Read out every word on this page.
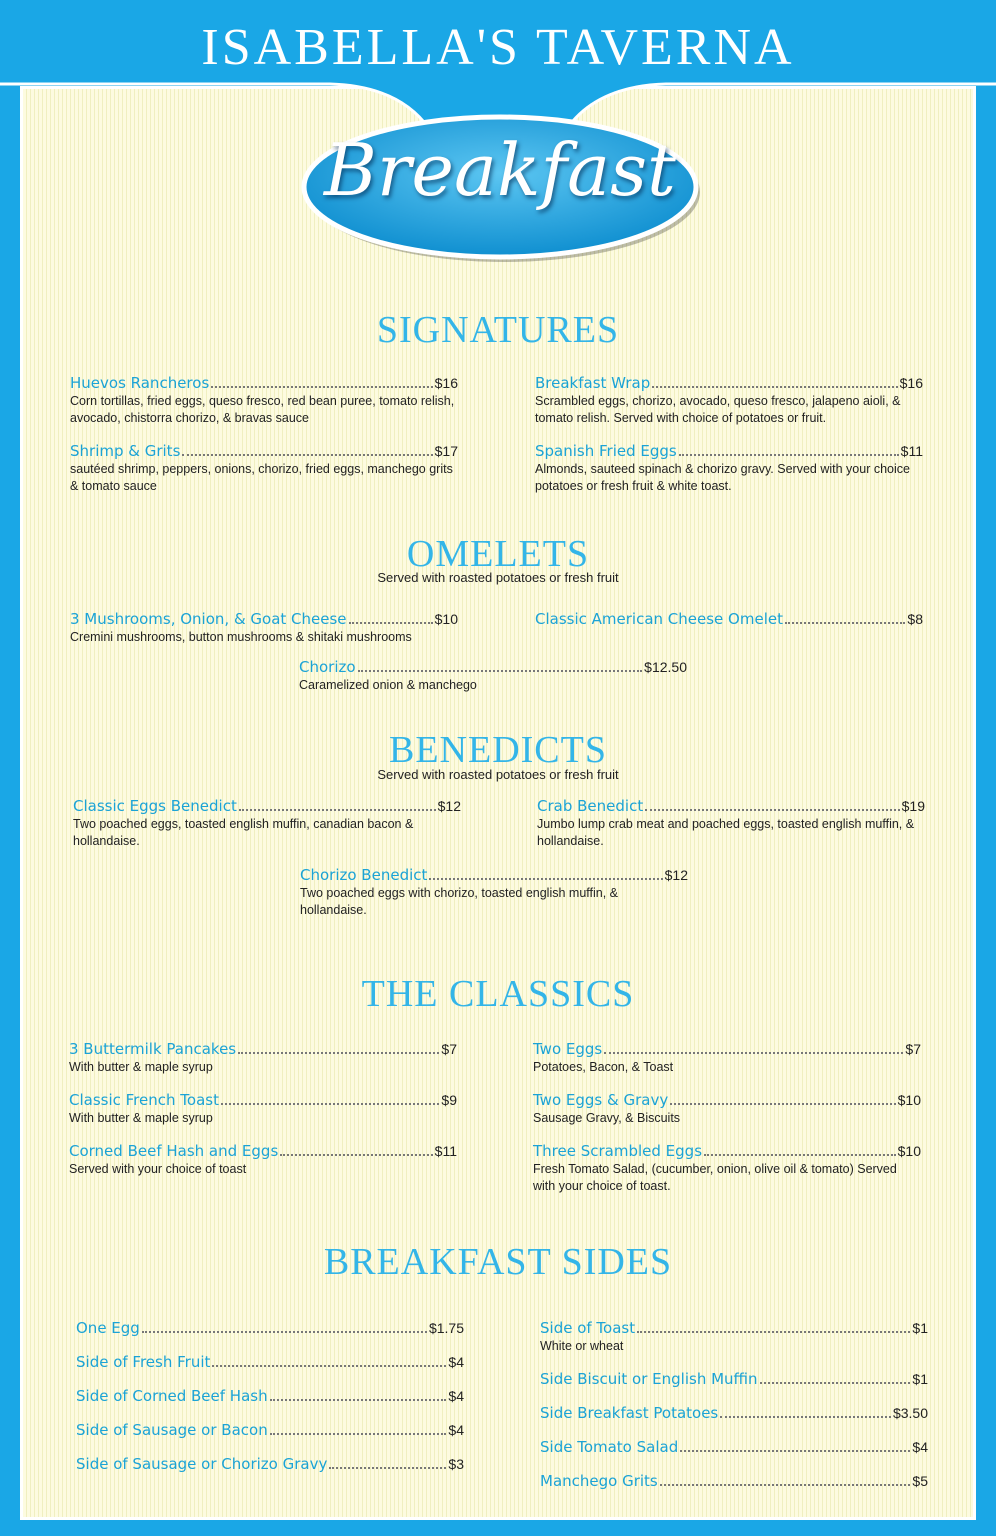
ISABELLA'S TAVERNA
Breakfast
SIGNATURES
Huevos Rancheros	$16
Corn tortillas, fried eggs, queso fresco, red bean puree, tomato relish, avocado, chistorra chorizo, & bravas sauce
Breakfast Wrap	$16
Scrambled eggs, chorizo, avocado, queso fresco, jalapeno aioli, & tomato relish. Served with choice of potatoes or fruit.
Shrimp & Grits	$17
sautéed shrimp, peppers, onions, chorizo, fried eggs, manchego grits & tomato sauce
Spanish Fried Eggs	$11
Almonds, sauteed spinach & chorizo gravy. Served with your choice potatoes or fresh fruit & white toast.
OMELETS
Served with roasted potatoes or fresh fruit
3 Mushrooms, Onion, & Goat Cheese	$10
Cremini mushrooms, button mushrooms & shitaki mushrooms
Classic American Cheese Omelet	$8
Chorizo	$12.50
Caramelized onion & manchego
BENEDICTS
Served with roasted potatoes or fresh fruit
Classic Eggs Benedict	$12
Two poached eggs, toasted english muffin, canadian bacon & hollandaise.
Crab Benedict	$19
Jumbo lump crab meat and poached eggs, toasted english muffin, & hollandaise.
Chorizo Benedict	$12
Two poached eggs with chorizo, toasted english muffin, & hollandaise.
THE CLASSICS
3 Buttermilk Pancakes	$7
With butter & maple syrup
Two Eggs	$7
Potatoes, Bacon, & Toast
Classic French Toast	$9
With butter & maple syrup
Two Eggs & Gravy	$10
Sausage Gravy, & Biscuits
Corned Beef Hash and Eggs	$11
Served with your choice of toast
Three Scrambled Eggs	$10
Fresh Tomato Salad, (cucumber, onion, olive oil & tomato) Served with your choice of toast.
BREAKFAST SIDES
One Egg	$1.75
Side of Fresh Fruit	$4
Side of Corned Beef Hash	$4
Side of Sausage or Bacon	$4
Side of Sausage or Chorizo Gravy	$3
Side of Toast	$1
White or wheat
Side Biscuit or English Muffin	$1
Side Breakfast Potatoes	$3.50
Side Tomato Salad	$4
Manchego Grits	$5
